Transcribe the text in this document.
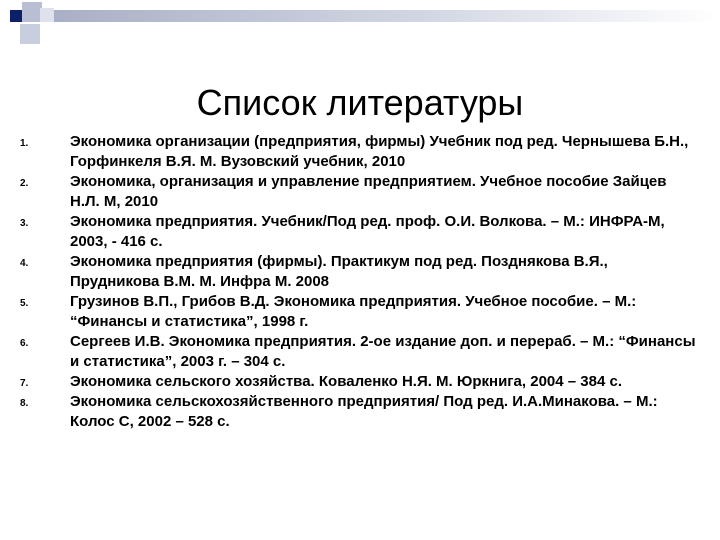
Список литературы
1.	Экономика организации (предприятия, фирмы) Учебник под ред. Чернышева Б.Н., Горфинкеля В.Я. М. Вузовский учебник, 2010
2.	Экономика, организация и управление предприятием. Учебное пособие Зайцев Н.Л. М, 2010
3.	Экономика предприятия. Учебник/Под ред. проф. О.И. Волкова. – М.: ИНФРА-М, 2003, - 416 с.
4.	Экономика предприятия (фирмы). Практикум под ред. Позднякова В.Я., Прудникова В.М. М. Инфра М. 2008
5.	Грузинов В.П., Грибов В.Д. Экономика предприятия. Учебное пособие. – М.: “Финансы и статистика”, 1998 г.
6.	Сергеев И.В. Экономика предприятия. 2-ое издание доп. и перераб. – М.: “Финансы и статистика”, 2003 г. – 304 с.
7.	Экономика сельского хозяйства. Коваленко Н.Я. М. Юркнига, 2004 – 384 с.
8.	Экономика сельскохозяйственного предприятия/ Под ред. И.А.Минакова. – М.: Колос С, 2002 – 528 с.
